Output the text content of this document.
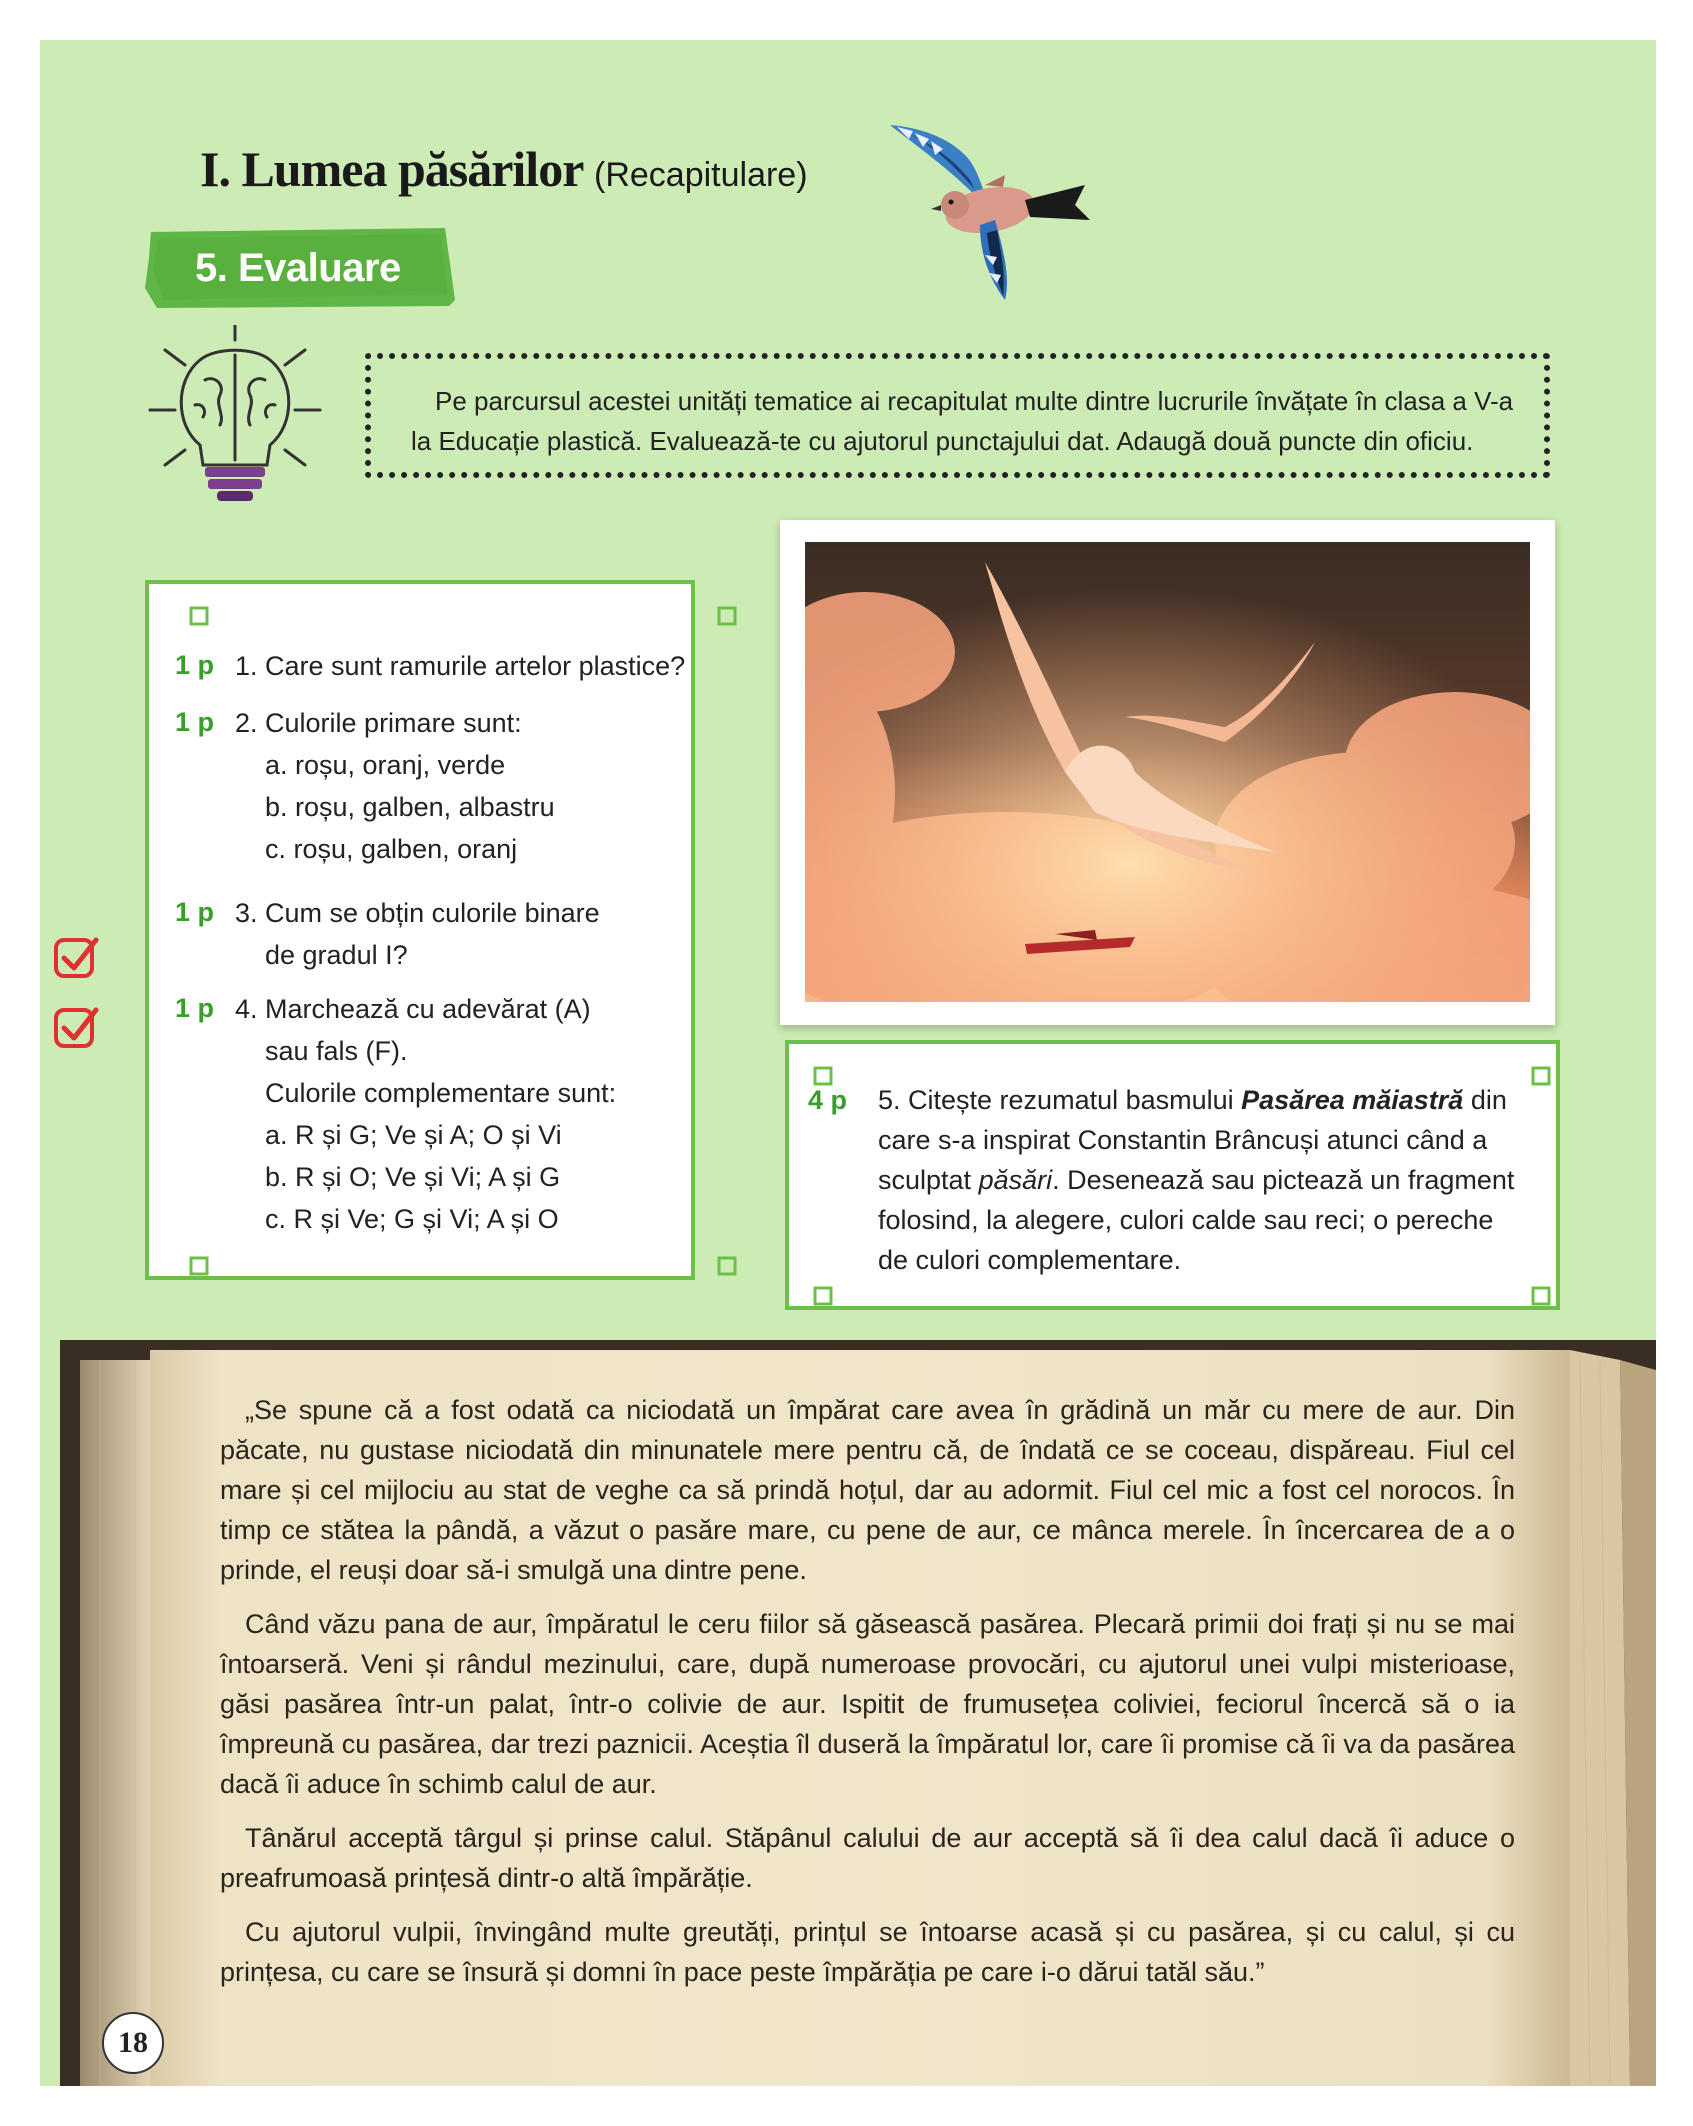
I. Lumea păsărilor (Recapitulare)
5. Evaluare

Pe parcursul acestei unități tematice ai recapitulat multe dintre lucrurile învățate în clasa a V-a la Educație plastică. Evaluează-te cu ajutorul punctajului dat. Adaugă două puncte din oficiu.

1 p 1. Care sunt ramurile artelor plastice?
1 p 2. Culorile primare sunt:
a. roșu, oranj, verde
b. roșu, galben, albastru
c. roșu, galben, oranj
1 p 3. Cum se obțin culorile binare
de gradul I?
1 p 4. Marchează cu adevărat (A)
sau fals (F).
Culorile complementare sunt:
a. R și G; Ve și A; O și Vi
b. R și O; Ve și Vi; A și G
c. R și Ve; G și Vi; A și O
4 p 5. Citește rezumatul basmului Pasărea măiastră din care s-a inspirat Constantin Brâncuși atunci când a sculptat păsări. Desenează sau pictează un fragment folosind, la alegere, culori calde sau reci; o pereche de culori complementare.

„Se spune că a fost odată ca niciodată un împărat care avea în grădină un măr cu mere de aur. Din păcate, nu gustase niciodată din minunatele mere pentru că, de îndată ce se coceau, dispăreau. Fiul cel mare și cel mijlociu au stat de veghe ca să prindă hoțul, dar au adormit. Fiul cel mic a fost cel norocos. În timp ce stătea la pândă, a văzut o pasăre mare, cu pene de aur, ce mânca merele. În încercarea de a o prinde, el reuși doar să-i smulgă una dintre pene.

Când văzu pana de aur, împăratul le ceru fiilor să găsească pasărea. Plecară primii doi frați și nu se mai întoarseră. Veni și rândul mezinului, care, după numeroase provocări, cu ajutorul unei vulpi misterioase, găsi pasărea într-un palat, într-o colivie de aur. Ispitit de frumusețea coliviei, feciorul încercă să o ia împreună cu pasărea, dar trezi paznicii. Aceștia îl duseră la împăratul lor, care îi promise că îi va da pasărea dacă îi aduce în schimb calul de aur.

Tânărul acceptă târgul și prinse calul. Stăpânul calului de aur acceptă să îi dea calul dacă îi aduce o preafrumoasă prințesă dintr-o altă împărăție.

Cu ajutorul vulpii, învingând multe greutăți, prințul se întoarse acasă și cu pasărea, și cu calul, și cu prințesa, cu care se însură și domni în pace peste împărăția pe care i-o dărui tatăl său.”

18
